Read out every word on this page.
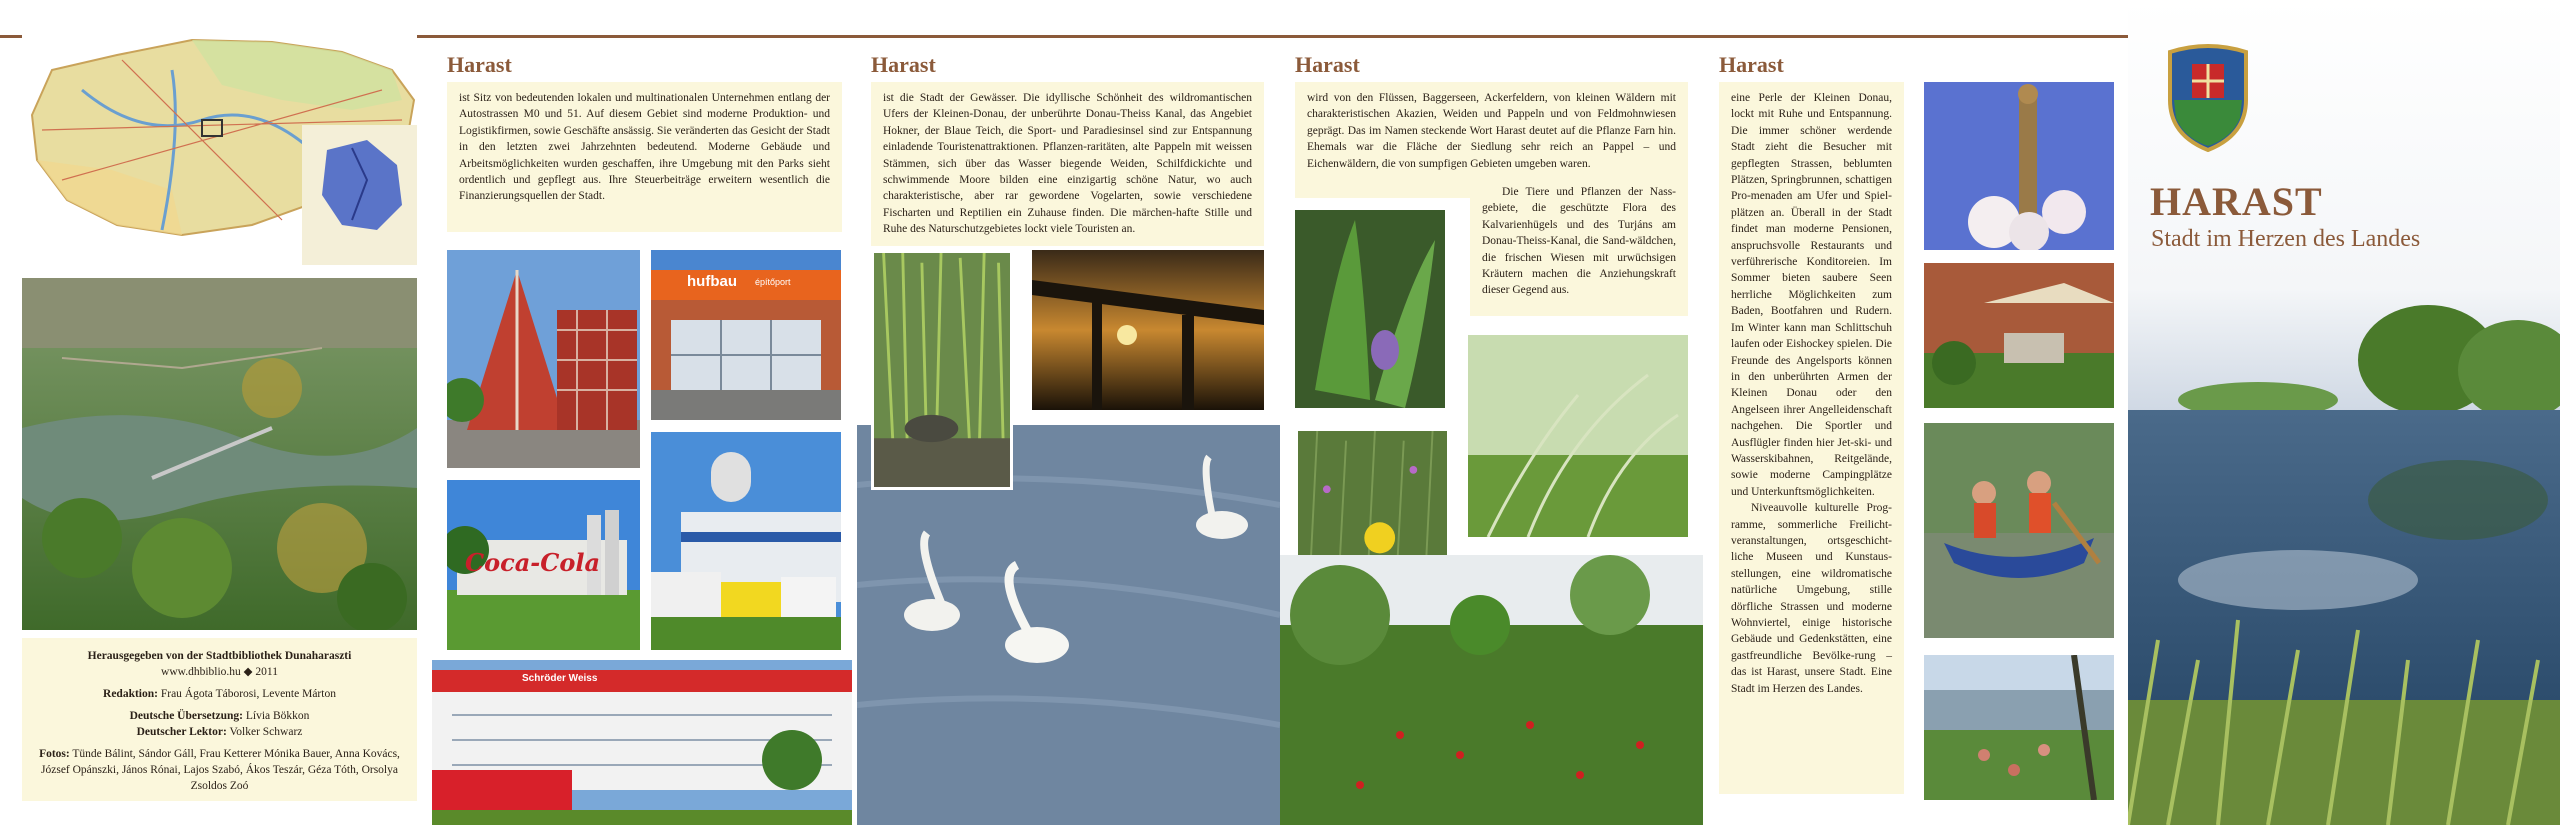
Harast	Harast	Harast	Harast
Herausgegeben von der Stadtbibliothek Dunaharaszti
www.dhbiblio.hu ◆ 2011
Redaktion: Frau Ágota Táborosi, Levente Márton
Deutsche Übersetzung: Lívia Bökkon
Deutscher Lektor: Volker Schwarz
Fotos: Tünde Bálint, Sándor Gáll, Frau Ketterer Mónika Bauer, Anna Kovács, József Opánszki, János Rónai, Lajos Szabó, Ákos Teszár, Géza Tóth, Orsolya Zsoldos Zoó

ist Sitz von bedeutenden lokalen und multinationalen Unternehmen entlang der Autostrassen M0 und 51. Auf diesem Gebiet sind moderne Produktion- und Logistikfirmen, sowie Geschäfte ansässig. Sie veränderten das Gesicht der Stadt in den letzten zwei Jahrzehnten bedeutend. Moderne Gebäude und Arbeitsmöglichkeiten wurden geschaffen, ihre Umgebung mit den Parks sieht ordentlich und gepflegt aus. Ihre Steuerbeiträge erweitern wesentlich die Finanzierungsquellen der Stadt.

hufbau építőport
Coca-Cola
Schröder Weiss

ist die Stadt der Gewässer. Die idyllische Schönheit des wildromantischen Ufers der Kleinen-Donau, der unberührte Donau-Theiss Kanal, das Angebiet Hokner, der Blaue Teich, die Sport- und Paradiesinsel sind zur Entspannung einladende Touristenattraktionen. Pflanzen-raritäten, alte Pappeln mit weissen Stämmen, sich über das Wasser biegende Weiden, Schilfdickichte und schwimmende Moore bilden eine einzigartig schöne Natur, wo auch charakteristische, aber rar gewordene Vogelarten, sowie verschiedene Fischarten und Reptilien ein Zuhause finden. Die märchen-hafte Stille und Ruhe des Naturschutzgebietes lockt viele Touristen an.

wird von den Flüssen, Baggerseen, Ackerfeldern, von kleinen Wäldern mit charakteristischen Akazien, Weiden und Pappeln und von Feldmohnwiesen geprägt. Das im Namen steckende Wort Harast deutet auf die Pflanze Farn hin. Ehemals war die Fläche der Siedlung sehr reich an Pappel – und Eichenwäldern, die von sumpfigen Gebieten umgeben waren.

Die Tiere und Pflanzen der Nass-gebiete, die geschützte Flora des Kalvarienhügels und des Turjáns am Donau-Theiss-Kanal, die Sand-wäldchen, die frischen Wiesen mit urwüchsigen Kräutern machen die Anziehungskraft dieser Gegend aus.

eine Perle der Kleinen Donau, lockt mit Ruhe und Entspannung. Die immer schöner werdende Stadt zieht die Besucher mit gepflegten Strassen, beblumten Plätzen, Springbrunnen, schattigen Pro-menaden am Ufer und Spiel-plätzen an. Überall in der Stadt findet man moderne Pensionen, anspruchsvolle Restaurants und verführerische Konditoreien. Im Sommer bieten saubere Seen herrliche Möglichkeiten zum Baden, Bootfahren und Rudern. Im Winter kann man Schlittschuh laufen oder Eishockey spielen. Die Freunde des Angelsports können in den unberührten Armen der Kleinen Donau oder den Angelseen ihrer Angelleidenschaft nachgehen. Die Sportler und Ausflügler finden hier Jet-ski- und Wasserskibahnen, Reitgelände, sowie moderne Campingplätze und Unterkunftsmöglichkeiten.

Niveauvolle kulturelle Prog-ramme, sommerliche Freilicht-veranstaltungen, ortsgeschicht-liche Museen und Kunstaus-stellungen, eine wildromatische natürliche Umgebung, stille dörfliche Strassen und moderne Wohnviertel, einige historische Gebäude und Gedenkstätten, eine gastfreundliche Bevölke-rung – das ist Harast, unsere Stadt. Eine Stadt im Herzen des Landes.

HARAST
Stadt im Herzen des Landes
